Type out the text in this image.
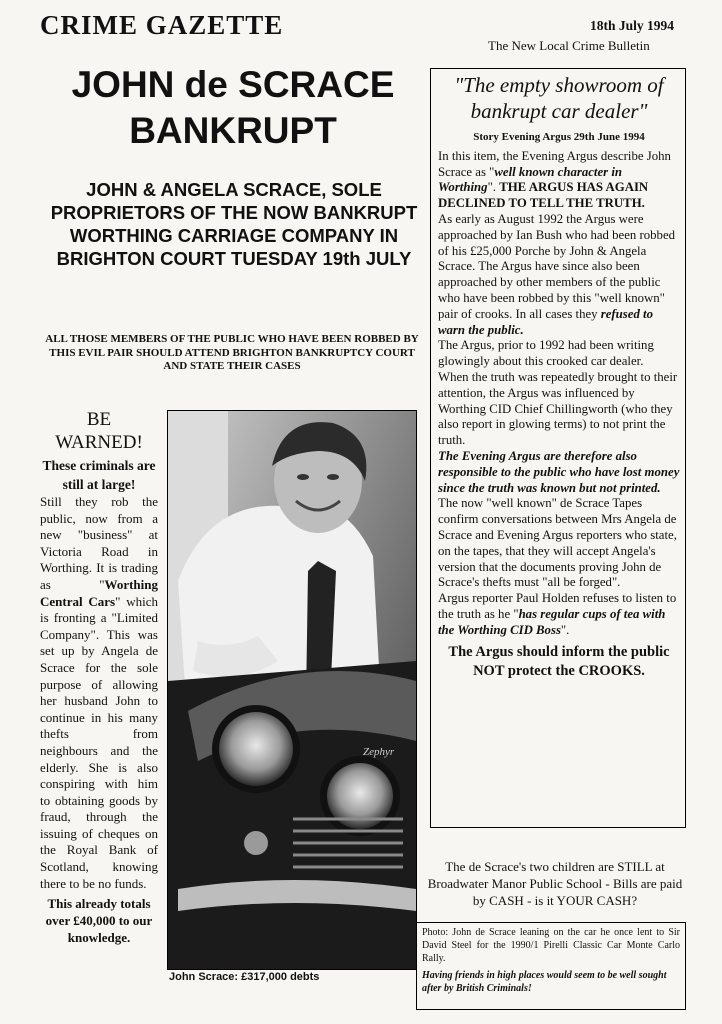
CRIME GAZETTE	18th July 1994
The New Local Crime Bulletin
JOHN de SCRACE
BANKRUPT
JOHN & ANGELA SCRACE, SOLE PROPRIETORS OF THE NOW BANKRUPT WORTHING CARRIAGE COMPANY IN BRIGHTON COURT TUESDAY 19th JULY
ALL THOSE MEMBERS OF THE PUBLIC WHO HAVE BEEN ROBBED BY THIS EVIL PAIR SHOULD ATTEND BRIGHTON BANKRUPTCY COURT AND STATE THEIR CASES
BE
WARNED!
These criminals are still at large!
Still they rob the public, now from a new "business" at Victoria Road in Worthing. It is trading as "Worthing Central Cars" which is fronting a "Limited Company". This was set up by Angela de Scrace for the sole purpose of allowing her husband John to continue in his many thefts from neighbours and the elderly. She is also conspiring with him to obtaining goods by fraud, through the issuing of cheques on the Royal Bank of Scotland, knowing there to be no funds.
This already totals over £40,000 to our knowledge.
Zephyr
John Scrace: £317,000 debts
"The empty showroom of bankrupt car dealer"
Story Evening Argus 29th June 1994

In this item, the Evening Argus describe John Scrace as "well known character in Worthing". THE ARGUS HAS AGAIN DECLINED TO TELL THE TRUTH.

As early as August 1992 the Argus were approached by Ian Bush who had been robbed of his £25,000 Porche by John & Angela Scrace. The Argus have since also been approached by other members of the public who have been robbed by this "well known" pair of crooks. In all cases they refused to warn the public.

The Argus, prior to 1992 had been writing glowingly about this crooked car dealer.

When the truth was repeatedly brought to their attention, the Argus was influenced by Worthing CID Chief Chillingworth (who they also report in glowing terms) to not print the truth.

The Evening Argus are therefore also responsible to the public who have lost money since the truth was known but not printed.

The now "well known" de Scrace Tapes confirm conversations between Mrs Angela de Scrace and Evening Argus reporters who state, on the tapes, that they will accept Angela's version that the documents proving John de Scrace's thefts must "all be forged".

Argus reporter Paul Holden refuses to listen to the truth as he "has regular cups of tea with the Worthing CID Boss".

The Argus should inform the public NOT protect the CROOKS.
The de Scrace's two children are STILL at Broadwater Manor Public School - Bills are paid by CASH - is it YOUR CASH?
Photo: John de Scrace leaning on the car he once lent to Sir David Steel for the 1990/1 Pirelli Classic Car Monte Carlo Rally.
Having friends in high places would seem to be well sought after by British Criminals!
